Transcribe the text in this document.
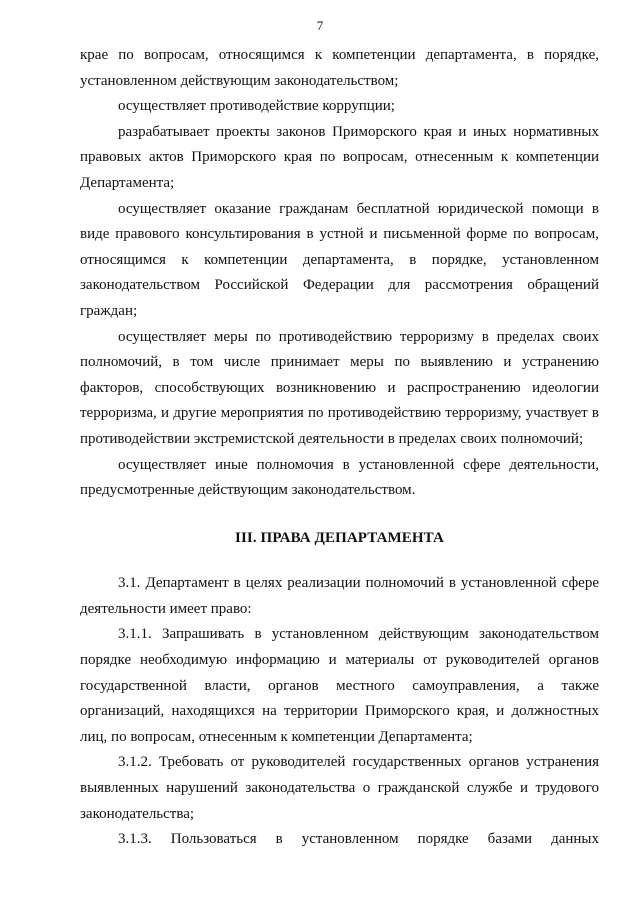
7

крае по вопросам, относящимся к компетенции департамента, в порядке, установленном действующим законодательством;

осуществляет противодействие коррупции;

разрабатывает проекты законов Приморского края и иных нормативных правовых актов Приморского края по вопросам, отнесенным к компетенции Департамента;

осуществляет оказание гражданам бесплатной юридической помощи в виде правового консультирования в устной и письменной форме по вопросам, относящимся к компетенции департамента, в порядке, установленном законодательством Российской Федерации для рассмотрения обращений граждан;

осуществляет меры по противодействию терроризму в пределах своих полномочий, в том числе принимает меры по выявлению и устранению факторов, способствующих возникновению и распространению идеологии терроризма, и другие мероприятия по противодействию терроризму, участвует в противодействии экстремистской деятельности в пределах своих полномочий;

осуществляет иные полномочия в установленной сфере деятельности, предусмотренные действующим законодательством.

III. ПРАВА ДЕПАРТАМЕНТА

3.1. Департамент в целях реализации полномочий в установленной сфере деятельности имеет право:

3.1.1. Запрашивать в установленном действующим законодательством порядке необходимую информацию и материалы от руководителей органов государственной власти, органов местного самоуправления, а также организаций, находящихся на территории Приморского края, и должностных лиц, по вопросам, отнесенным к компетенции Департамента;

3.1.2. Требовать от руководителей государственных органов устранения выявленных нарушений законодательства о гражданской службе и трудового законодательства;

3.1.3. Пользоваться в установленном порядке базами данных
